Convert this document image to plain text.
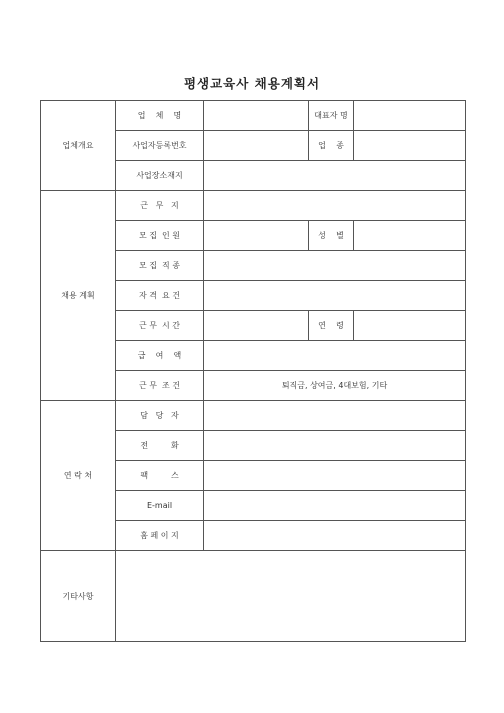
평생교육사 채용계획서
업체개요	업    체    명		대표자 명	
	사업자등록번호		업    종	
	사업장소재지			
채용 계획	근   무   지			
	모 집  인 원		성    별	
	모 집  직 종			
	자 격  요 건			
	근 무  시 간		연    령	
	급    여    액			
	근 무  조 건	퇴직금, 상여금, 4대보험, 기타		
연 락 처	담   당   자			
	전         화			
	팩         스			
	E-mail			
	홈 페 이 지			
기타사항				
